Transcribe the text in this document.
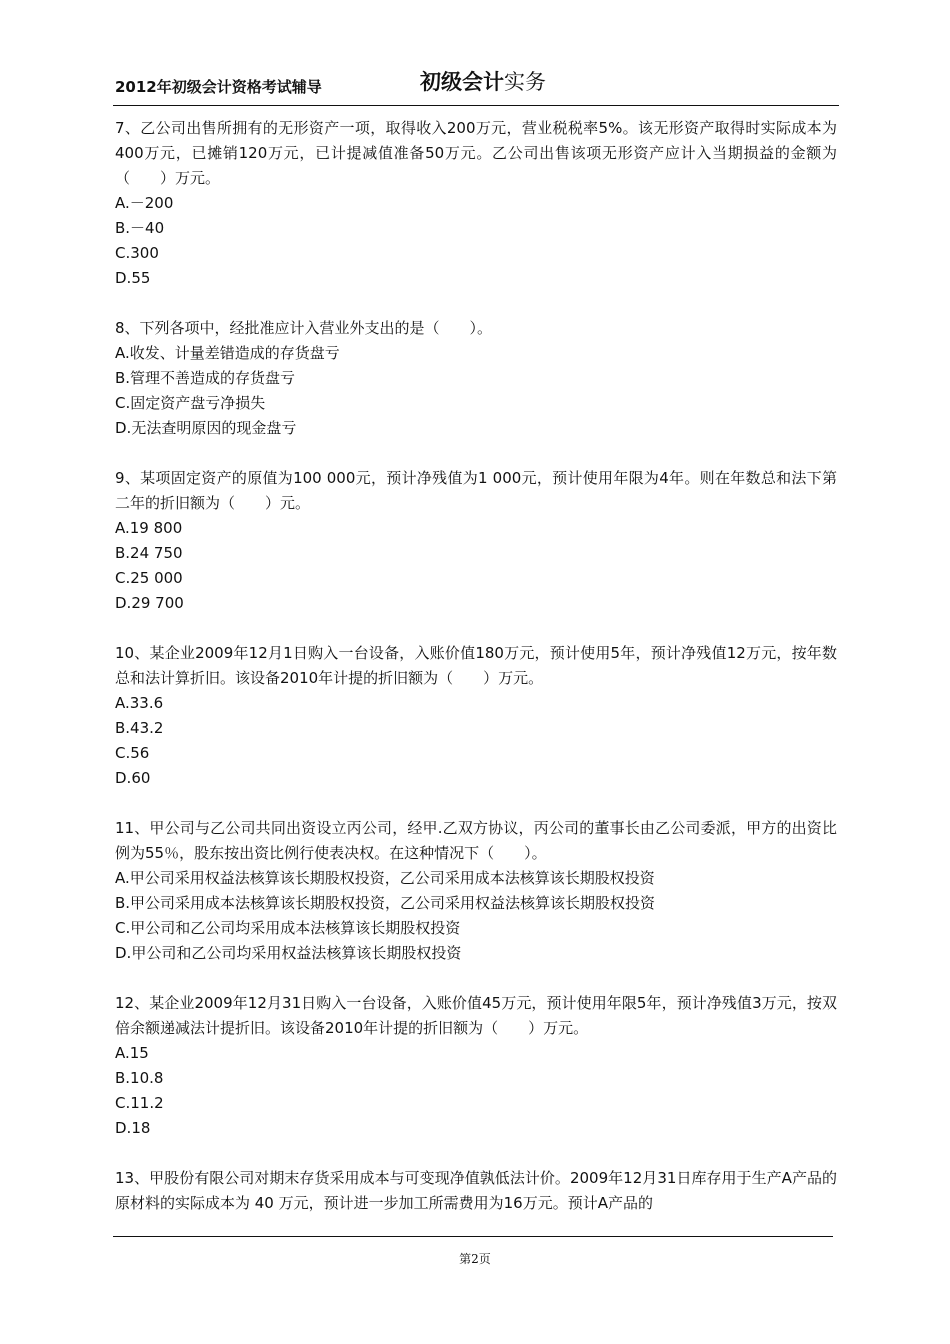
2012年初级会计资格考试辅导	初级会计实务

7、乙公司出售所拥有的无形资产一项，取得收入200万元，营业税税率5%。该无形资产取得时实际成本为400万元，已摊销120万元，已计提减值准备50万元。乙公司出售该项无形资产应计入当期损益的金额为（　　）万元。

A.－200

B.－40

C.300

D.55

8、下列各项中，经批准应计入营业外支出的是（　　）。

A.收发、计量差错造成的存货盘亏

B.管理不善造成的存货盘亏

C.固定资产盘亏净损失

D.无法查明原因的现金盘亏

9、某项固定资产的原值为100 000元，预计净残值为1 000元，预计使用年限为4年。则在年数总和法下第二年的折旧额为（　　）元。

A.19 800

B.24 750

C.25 000

D.29 700

10、某企业2009年12月1日购入一台设备，入账价值180万元，预计使用5年，预计净残值12万元，按年数总和法计算折旧。该设备2010年计提的折旧额为（　　）万元。

A.33.6

B.43.2

C.56

D.60

11、甲公司与乙公司共同出资设立丙公司，经甲.乙双方协议，丙公司的董事长由乙公司委派，甲方的出资比例为55％，股东按出资比例行使表决权。在这种情况下（　　）。

A.甲公司采用权益法核算该长期股权投资，乙公司采用成本法核算该长期股权投资

B.甲公司采用成本法核算该长期股权投资，乙公司采用权益法核算该长期股权投资

C.甲公司和乙公司均采用成本法核算该长期股权投资

D.甲公司和乙公司均采用权益法核算该长期股权投资

12、某企业2009年12月31日购入一台设备，入账价值45万元，预计使用年限5年，预计净残值3万元，按双倍余额递减法计提折旧。该设备2010年计提的折旧额为（　　）万元。

A.15

B.10.8

C.11.2

D.18

13、甲股份有限公司对期末存货采用成本与可变现净值孰低法计价。2009年12月31日库存用于生产A产品的原材料的实际成本为 40 万元，预计进一步加工所需费用为16万元。预计A产品的

第2页
